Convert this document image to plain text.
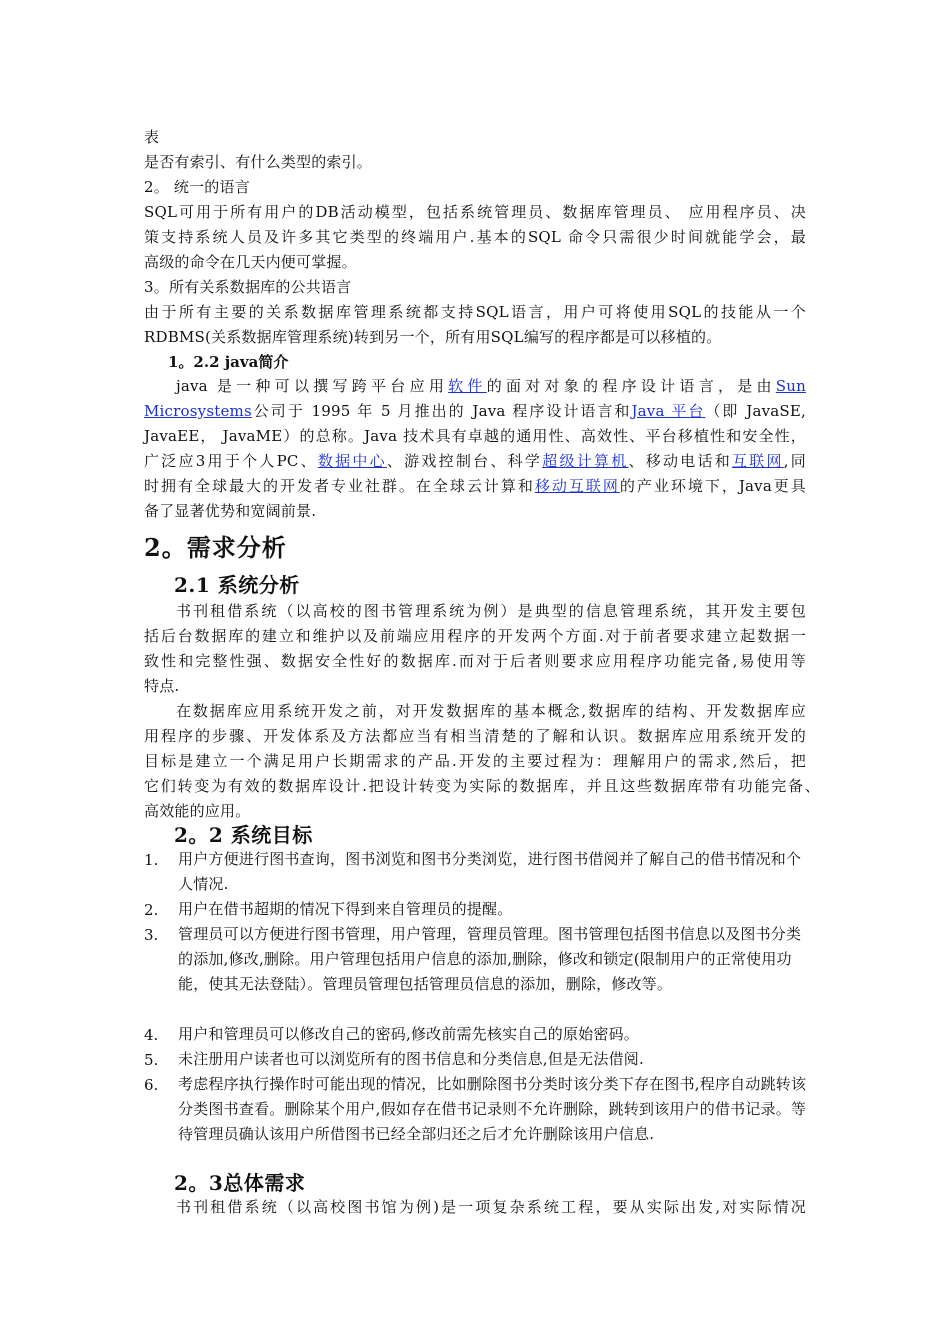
表
是否有索引、有什么类型的索引。
2。 统一的语言
SQL可用于所有用户的DB活动模型，包括系统管理员、数据库管理员、 应用程序员、决
策支持系统人员及许多其它类型的终端用户.基本的SQL 命令只需很少时间就能学会，最
高级的命令在几天内便可掌握。
3。所有关系数据库的公共语言
由于所有主要的关系数据库管理系统都支持SQL语言，用户可将使用SQL的技能从一个
RDBMS(关系数据库管理系统)转到另一个，所有用SQL编写的程序都是可以移植的。
1。2.2 java简介
java 是一种可以撰写跨平台应用软件的面对对象的程序设计语言，是由Sun
Microsystems公司于 1995 年 5 月推出的 Java 程序设计语言和Java 平台（即 JavaSE,
JavaEE， JavaME）的总称。Java 技术具有卓越的通用性、高效性、平台移植性和安全性，
广泛应3用于个人PC、数据中心、游戏控制台、科学超级计算机、移动电话和互联网,同
时拥有全球最大的开发者专业社群。在全球云计算和移动互联网的产业环境下，Java更具
备了显著优势和宽阔前景.
2。需求分析
2.1 系统分析
书刊租借系统（以高校的图书管理系统为例）是典型的信息管理系统，其开发主要包
括后台数据库的建立和维护以及前端应用程序的开发两个方面.对于前者要求建立起数据一
致性和完整性强、数据安全性好的数据库.而对于后者则要求应用程序功能完备,易使用等
特点.
在数据库应用系统开发之前，对开发数据库的基本概念,数据库的结构、开发数据库应
用程序的步骤、开发体系及方法都应当有相当清楚的了解和认识。数据库应用系统开发的
目标是建立一个满足用户长期需求的产品.开发的主要过程为：理解用户的需求,然后，把
它们转变为有效的数据库设计.把设计转变为实际的数据库，并且这些数据库带有功能完备、
高效能的应用。
2。2 系统目标
1. 用户方便进行图书查询，图书浏览和图书分类浏览，进行图书借阅并了解自己的借书情况和个人情况.
2. 用户在借书超期的情况下得到来自管理员的提醒。
3. 管理员可以方便进行图书管理，用户管理，管理员管理。图书管理包括图书信息以及图书分类的添加,修改,删除。用户管理包括用户信息的添加,删除，修改和锁定(限制用户的正常使用功能，使其无法登陆）。管理员管理包括管理员信息的添加，删除，修改等。
4. 用户和管理员可以修改自己的密码,修改前需先核实自己的原始密码。
5. 未注册用户读者也可以浏览所有的图书信息和分类信息,但是无法借阅.
6. 考虑程序执行操作时可能出现的情况，比如删除图书分类时该分类下存在图书,程序自动跳转该分类图书查看。删除某个用户,假如存在借书记录则不允许删除，跳转到该用户的借书记录。等待管理员确认该用户所借图书已经全部归还之后才允许删除该用户信息.
2。3总体需求
书刊租借系统（以高校图书馆为例)是一项复杂系统工程，要从实际出发,对实际情况
